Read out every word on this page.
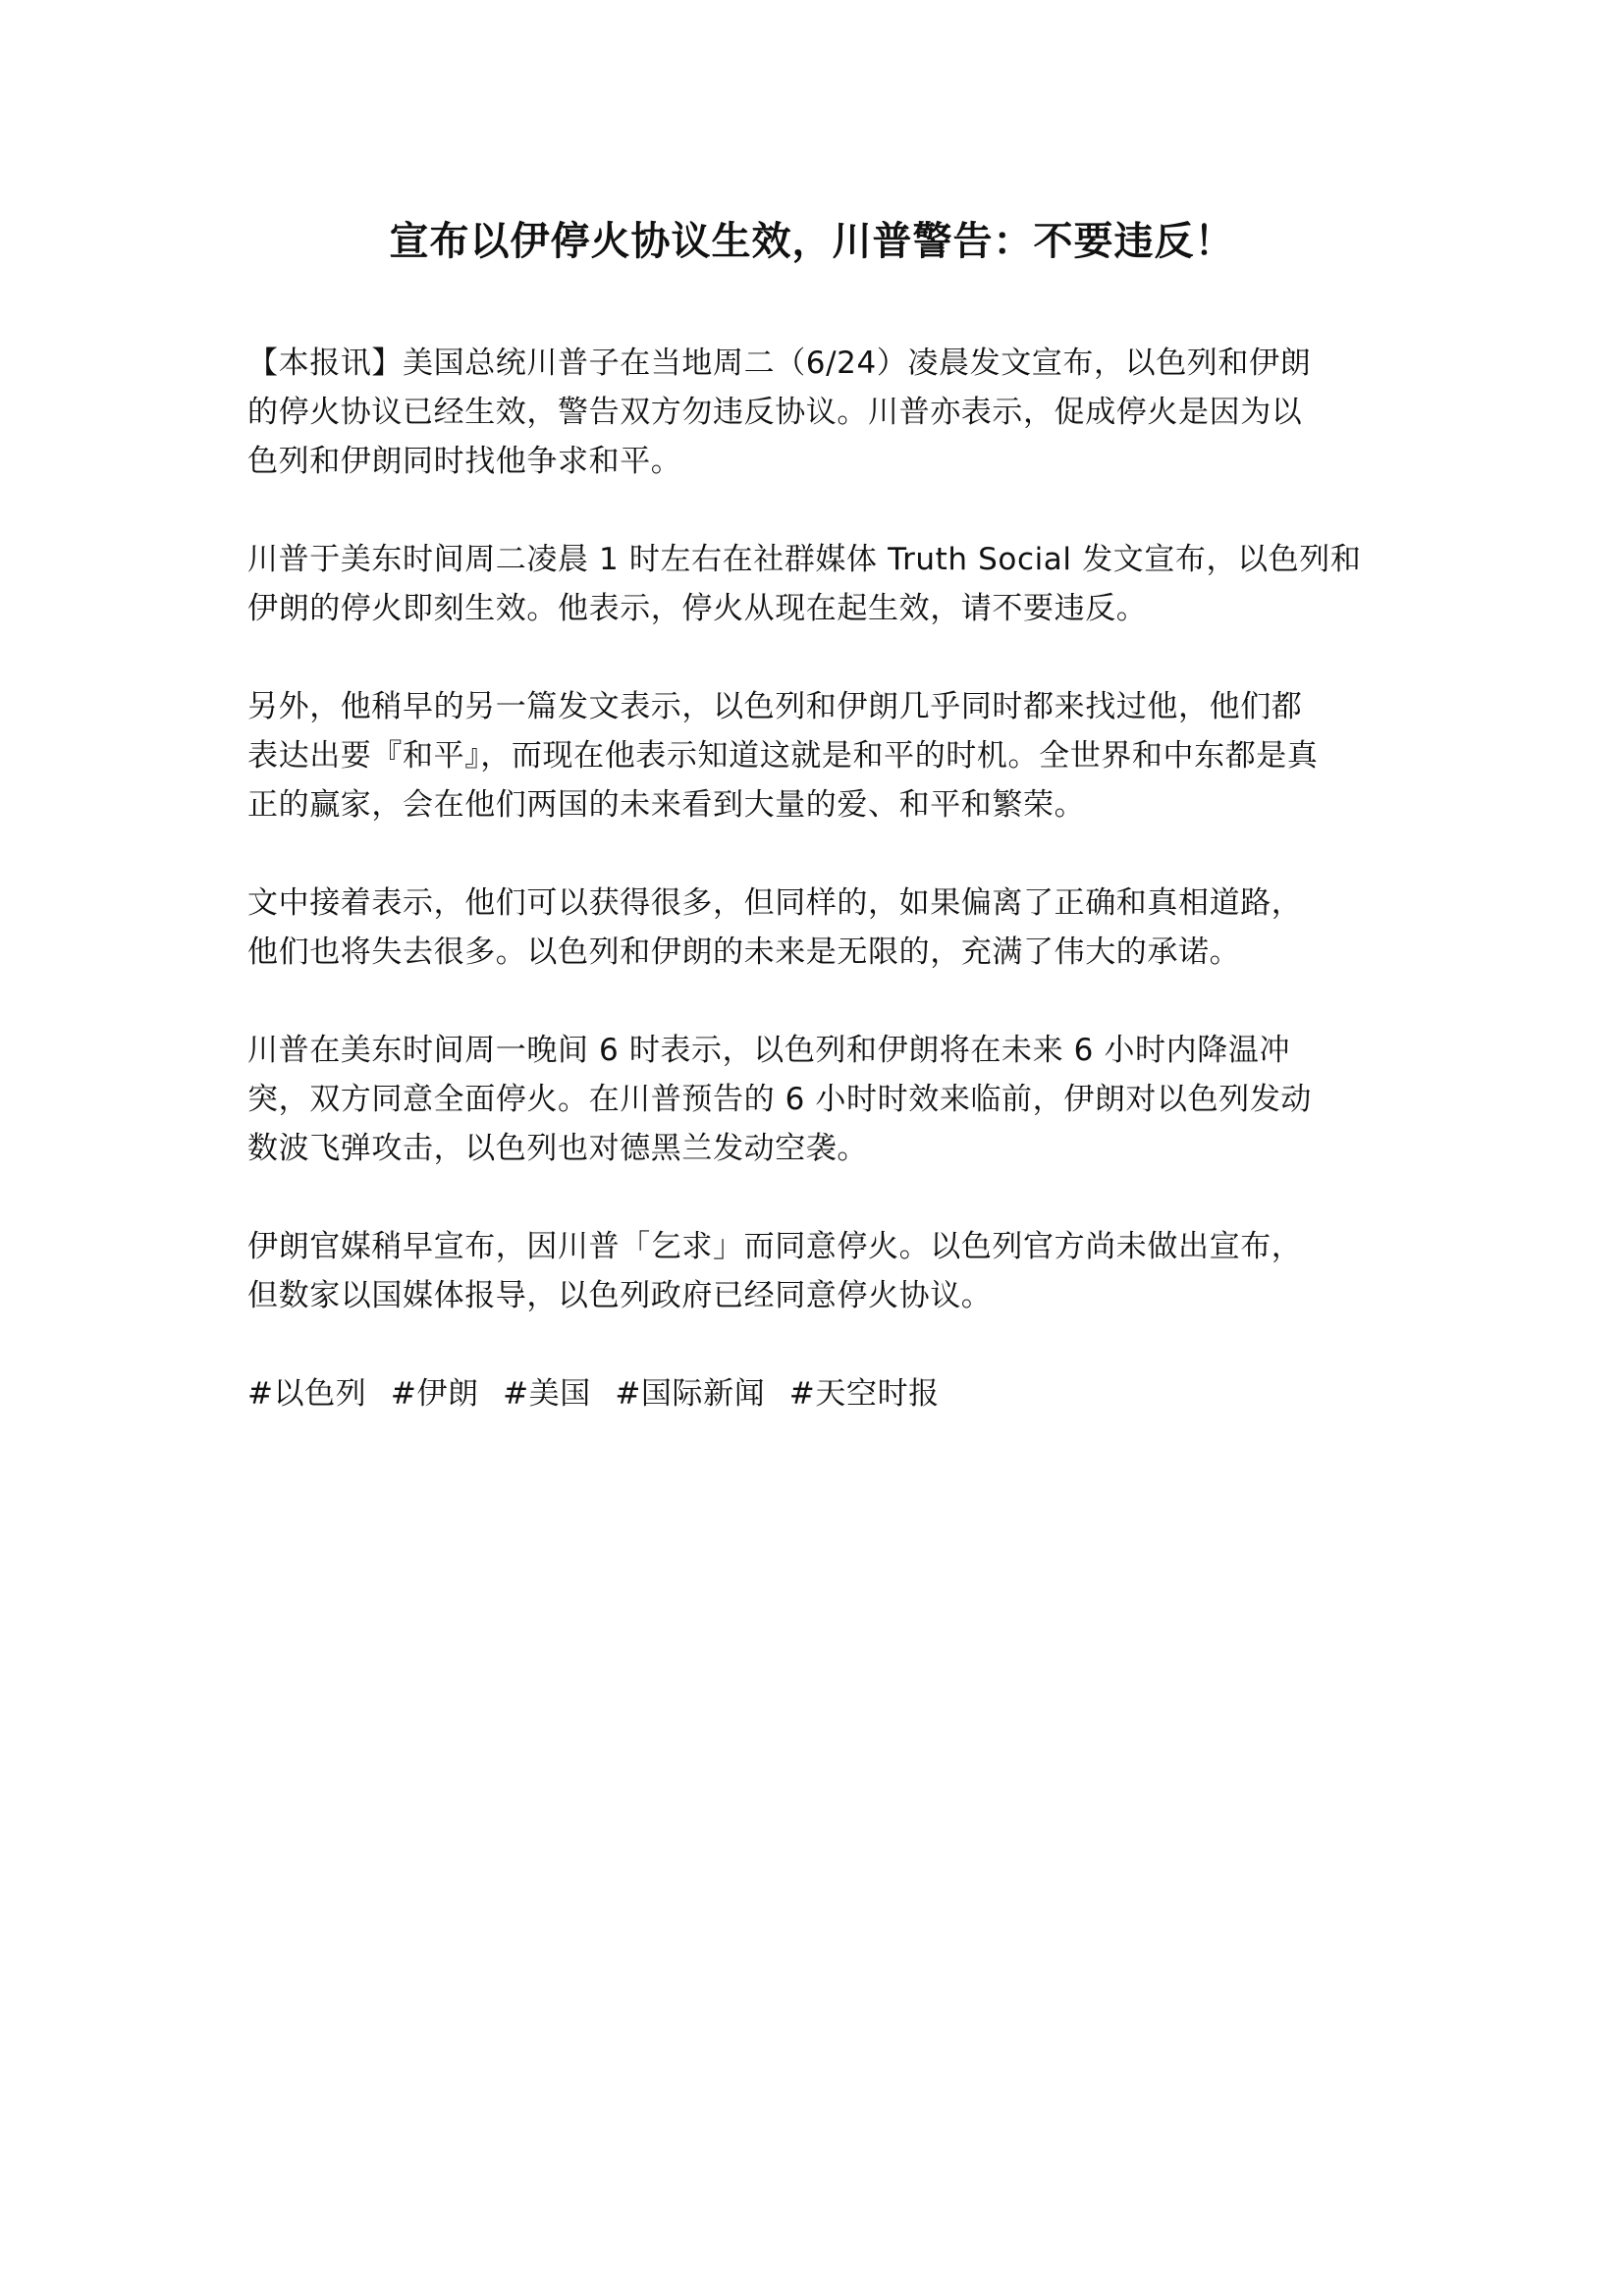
宣布以伊停火协议生效，川普警告：不要违反！

【本报讯】美国总统川普子在当地周二（6/24）凌晨发文宣布，以色列和伊朗
的停火协议已经生效，警告双方勿违反协议。川普亦表示，促成停火是因为以
色列和伊朗同时找他争求和平。

川普于美东时间周二凌晨 1 时左右在社群媒体 Truth Social 发文宣布，以色列和
伊朗的停火即刻生效。他表示，停火从现在起生效，请不要违反。

另外，他稍早的另一篇发文表示，以色列和伊朗几乎同时都来找过他，他们都
表达出要『和平』，而现在他表示知道这就是和平的时机。全世界和中东都是真
正的赢家，会在他们两国的未来看到大量的爱、和平和繁荣。

文中接着表示，他们可以获得很多，但同样的，如果偏离了正确和真相道路，
他们也将失去很多。以色列和伊朗的未来是无限的，充满了伟大的承诺。

川普在美东时间周一晚间 6 时表示，以色列和伊朗将在未来 6 小时内降温冲
突，双方同意全面停火。在川普预告的 6 小时时效来临前，伊朗对以色列发动
数波飞弹攻击，以色列也对德黑兰发动空袭。

伊朗官媒稍早宣布，因川普「乞求」而同意停火。以色列官方尚未做出宣布，
但数家以国媒体报导，以色列政府已经同意停火协议。

#以色列 #伊朗 #美国 #国际新闻 #天空时报
